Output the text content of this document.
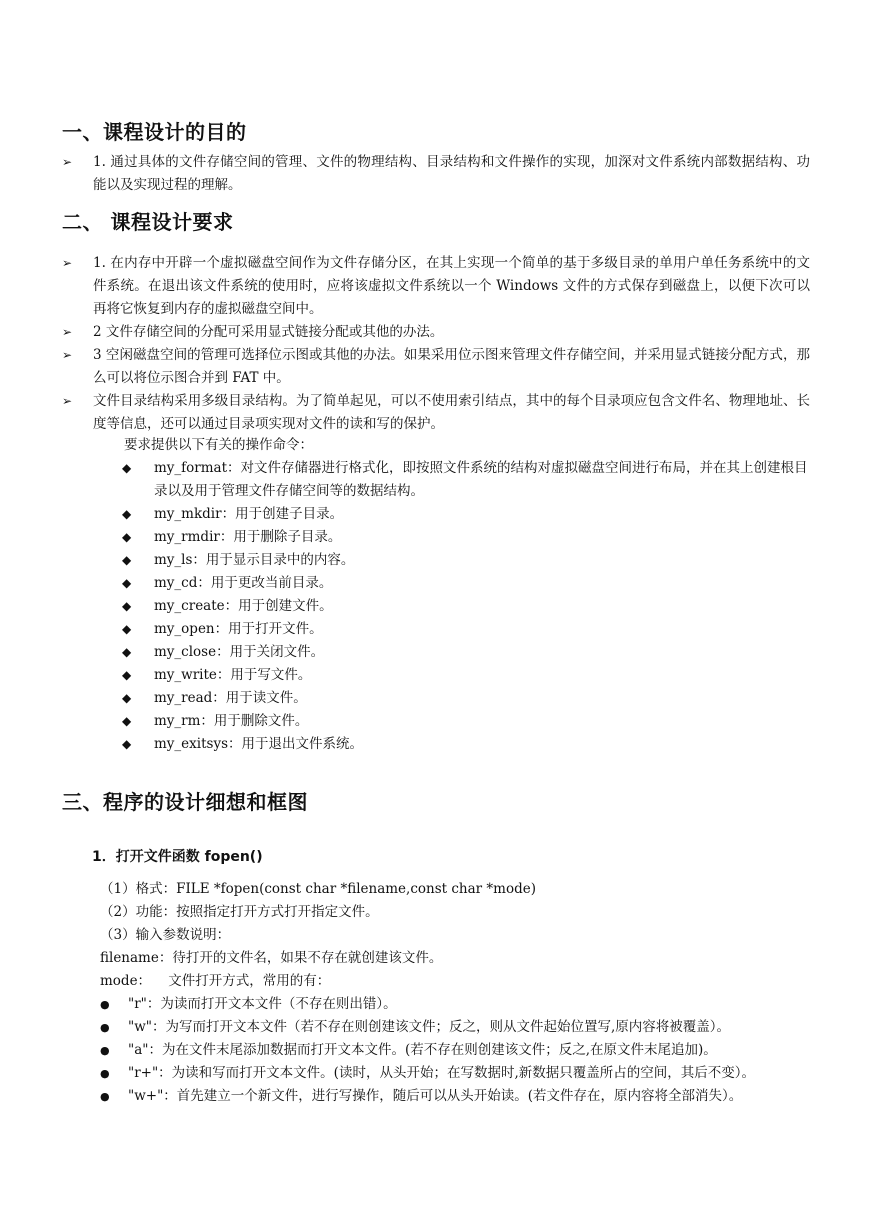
一、课程设计的目的
➢	1. 通过具体的文件存储空间的管理、文件的物理结构、目录结构和文件操作的实现，加深对文件系统内部数据结构、功能以及实现过程的理解。
二、 课程设计要求
➢	1. 在内存中开辟一个虚拟磁盘空间作为文件存储分区，在其上实现一个简单的基于多级目录的单用户单任务系统中的文件系统。在退出该文件系统的使用时，应将该虚拟文件系统以一个 Windows 文件的方式保存到磁盘上，以便下次可以再将它恢复到内存的虚拟磁盘空间中。
➢	2 文件存储空间的分配可采用显式链接分配或其他的办法。
➢	3 空闲磁盘空间的管理可选择位示图或其他的办法。如果采用位示图来管理文件存储空间，并采用显式链接分配方式，那么可以将位示图合并到 FAT 中。
➢	文件目录结构采用多级目录结构。为了简单起见，可以不使用索引结点，其中的每个目录项应包含文件名、物理地址、长度等信息，还可以通过目录项实现对文件的读和写的保护。
要求提供以下有关的操作命令：
◆ my_format：对文件存储器进行格式化，即按照文件系统的结构对虚拟磁盘空间进行布局，并在其上创建根目录以及用于管理文件存储空间等的数据结构。
◆ my_mkdir：用于创建子目录。
◆ my_rmdir：用于删除子目录。
◆ my_ls：用于显示目录中的内容。
◆ my_cd：用于更改当前目录。
◆ my_create：用于创建文件。
◆ my_open：用于打开文件。
◆ my_close：用于关闭文件。
◆ my_write：用于写文件。
◆ my_read：用于读文件。
◆ my_rm：用于删除文件。
◆ my_exitsys：用于退出文件系统。
三、程序的设计细想和框图
1．打开文件函数 fopen()
（1）格式：FILE *fopen(const char *filename,const char *mode)
（2）功能：按照指定打开方式打开指定文件。
（3）输入参数说明：
filename：待打开的文件名，如果不存在就创建该文件。
mode：    文件打开方式，常用的有：
● "r"：为读而打开文本文件（不存在则出错）。
● "w"：为写而打开文本文件（若不存在则创建该文件；反之，则从文件起始位置写,原内容将被覆盖）。
● "a"：为在文件末尾添加数据而打开文本文件。(若不存在则创建该文件；反之,在原文件末尾追加)。
● "r+"：为读和写而打开文本文件。(读时，从头开始；在写数据时,新数据只覆盖所占的空间，其后不变）。
● "w+"：首先建立一个新文件，进行写操作，随后可以从头开始读。(若文件存在，原内容将全部消失）。
